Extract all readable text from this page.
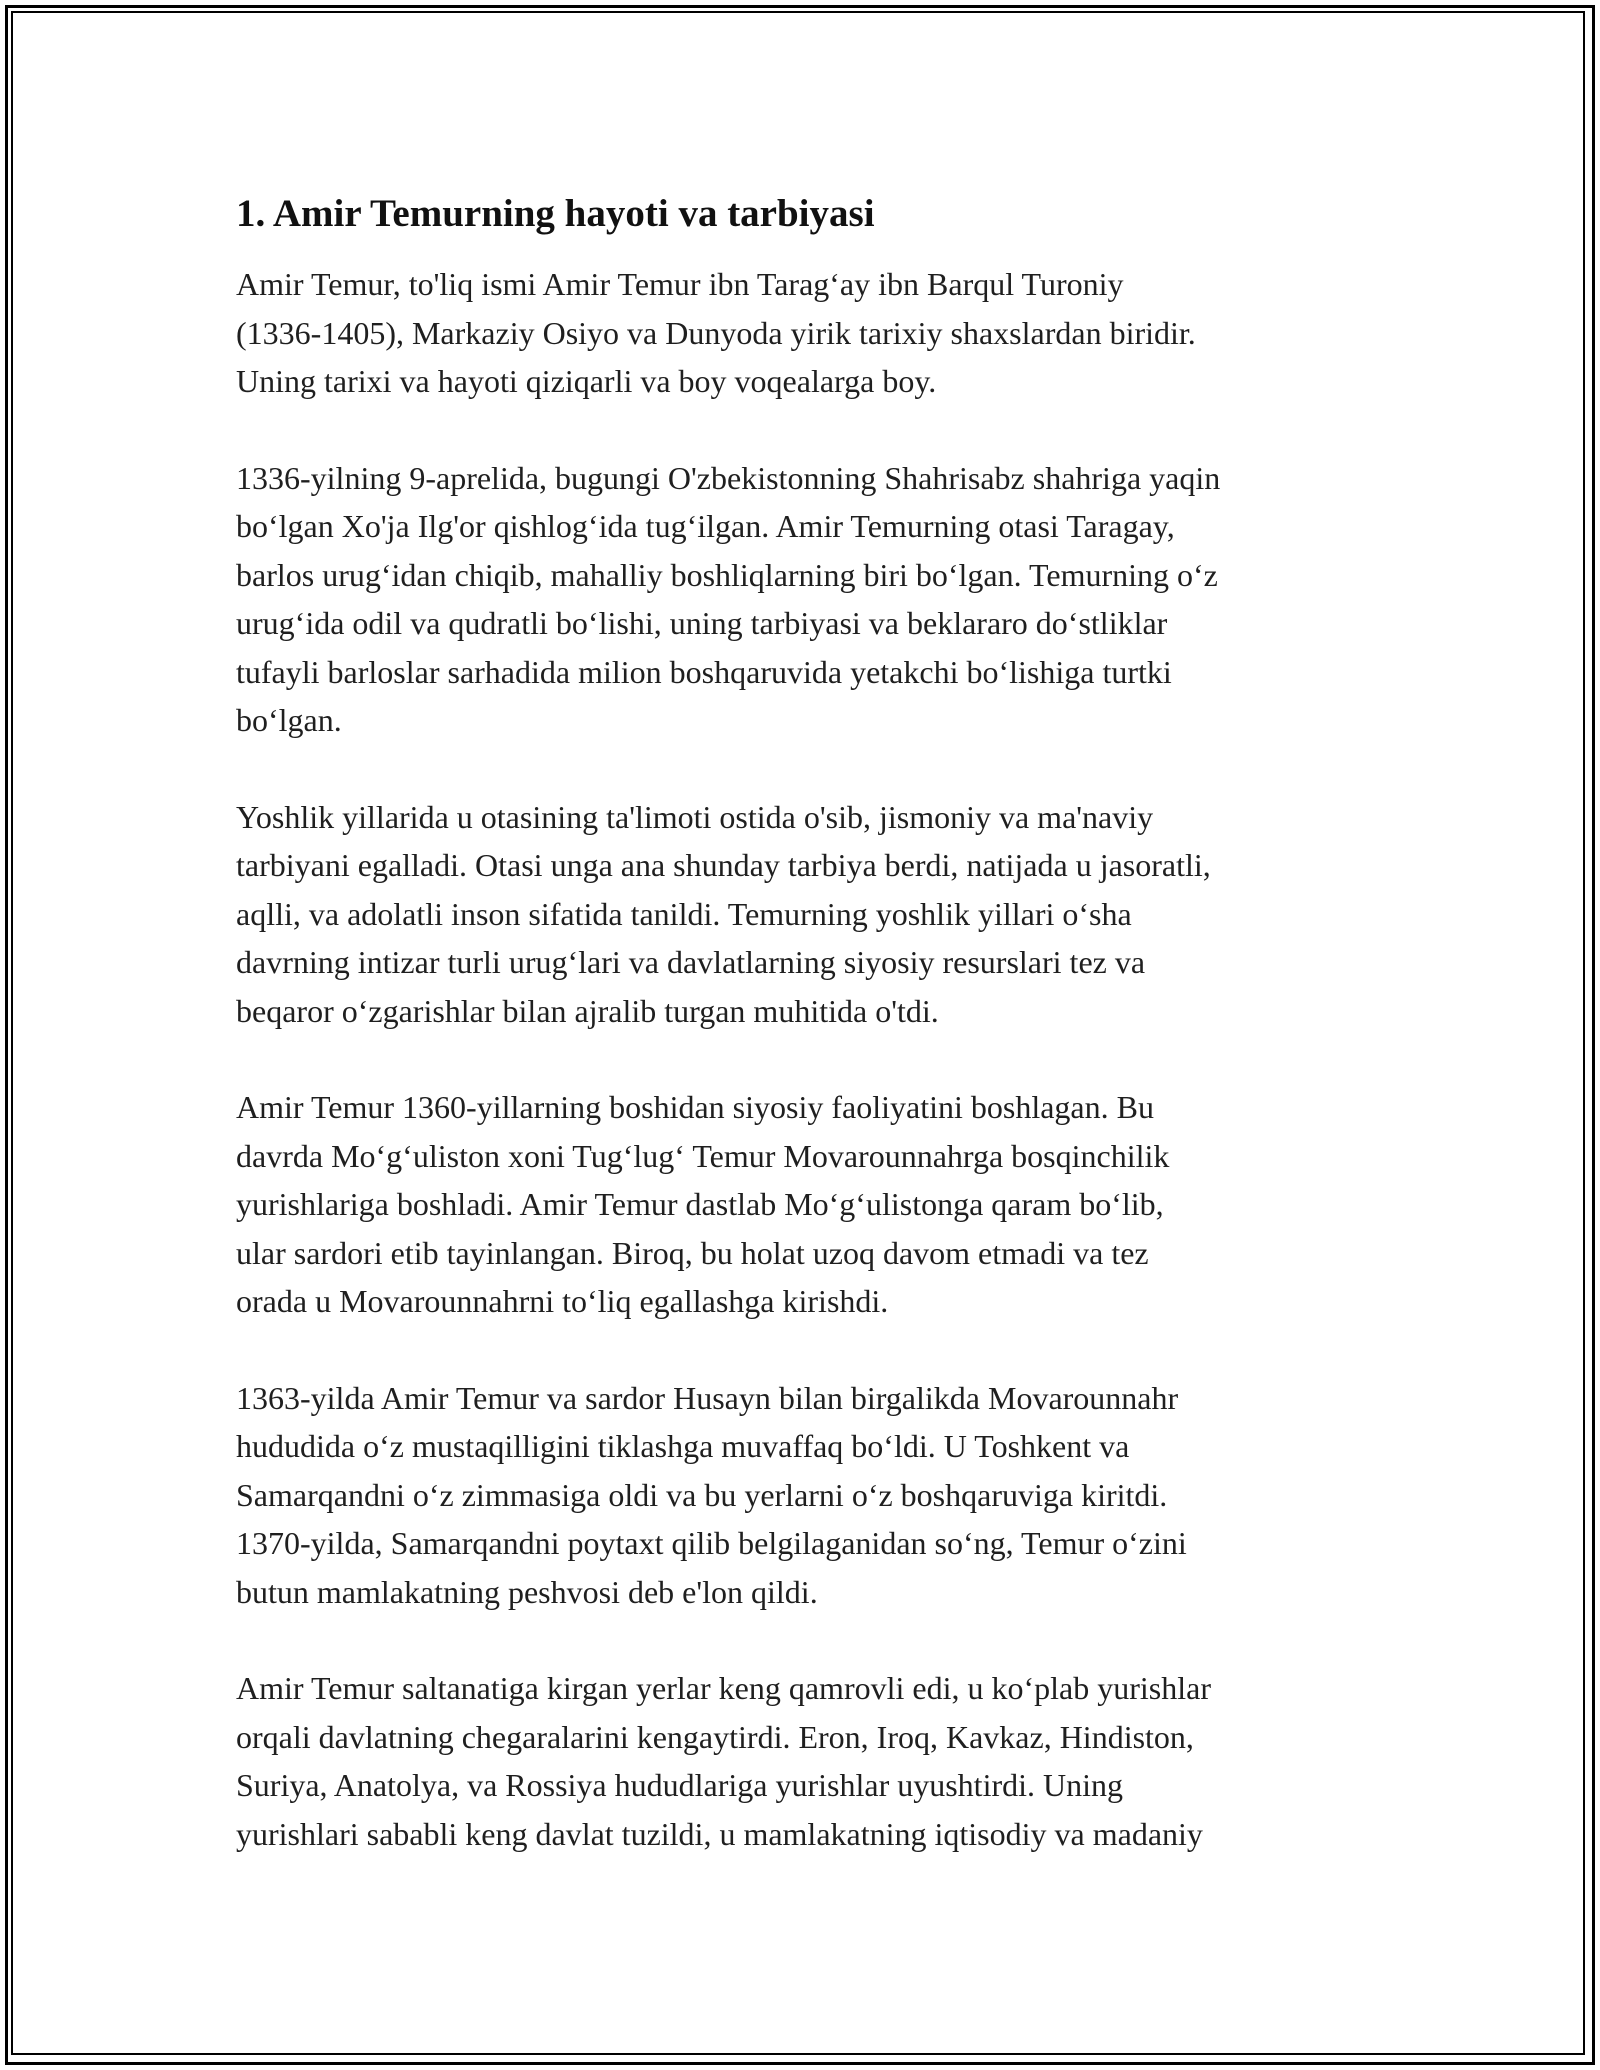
1. Amir Temurning hayoti va tarbiyasi

Amir Temur, to'liq ismi Amir Temur ibn Tarag‘ay ibn Barqul Turoniy
(1336-1405), Markaziy Osiyo va Dunyoda yirik tarixiy shaxslardan biridir.
Uning tarixi va hayoti qiziqarli va boy voqealarga boy.

1336-yilning 9-aprelida, bugungi O'zbekistonning Shahrisabz shahriga yaqin
bo‘lgan Xo'ja Ilg'or qishlog‘ida tug‘ilgan. Amir Temurning otasi Taragay,
barlos urug‘idan chiqib, mahalliy boshliqlarning biri bo‘lgan. Temurning o‘z
urug‘ida odil va qudratli bo‘lishi, uning tarbiyasi va beklararo do‘stliklar
tufayli barloslar sarhadida milion boshqaruvida yetakchi bo‘lishiga turtki
bo‘lgan.

Yoshlik yillarida u otasining ta'limoti ostida o'sib, jismoniy va ma'naviy
tarbiyani egalladi. Otasi unga ana shunday tarbiya berdi, natijada u jasoratli,
aqlli, va adolatli inson sifatida tanildi. Temurning yoshlik yillari o‘sha
davrning intizar turli urug‘lari va davlatlarning siyosiy resurslari tez va
beqaror o‘zgarishlar bilan ajralib turgan muhitida o'tdi.

Amir Temur 1360-yillarning boshidan siyosiy faoliyatini boshlagan. Bu
davrda Mo‘g‘uliston xoni Tug‘lug‘ Temur Movarounnahrga bosqinchilik
yurishlariga boshladi. Amir Temur dastlab Mo‘g‘ulistonga qaram bo‘lib,
ular sardori etib tayinlangan. Biroq, bu holat uzoq davom etmadi va tez
orada u Movarounnahrni to‘liq egallashga kirishdi.

1363-yilda Amir Temur va sardor Husayn bilan birgalikda Movarounnahr
hududida o‘z mustaqilligini tiklashga muvaffaq bo‘ldi. U Toshkent va
Samarqandni o‘z zimmasiga oldi va bu yerlarni o‘z boshqaruviga kiritdi.
1370-yilda, Samarqandni poytaxt qilib belgilaganidan so‘ng, Temur o‘zini
butun mamlakatning peshvosi deb e'lon qildi.

Amir Temur saltanatiga kirgan yerlar keng qamrovli edi, u ko‘plab yurishlar
orqali davlatning chegaralarini kengaytirdi. Eron, Iroq, Kavkaz, Hindiston,
Suriya, Anatolya, va Rossiya hududlariga yurishlar uyushtirdi. Uning
yurishlari sababli keng davlat tuzildi, u mamlakatning iqtisodiy va madaniy
